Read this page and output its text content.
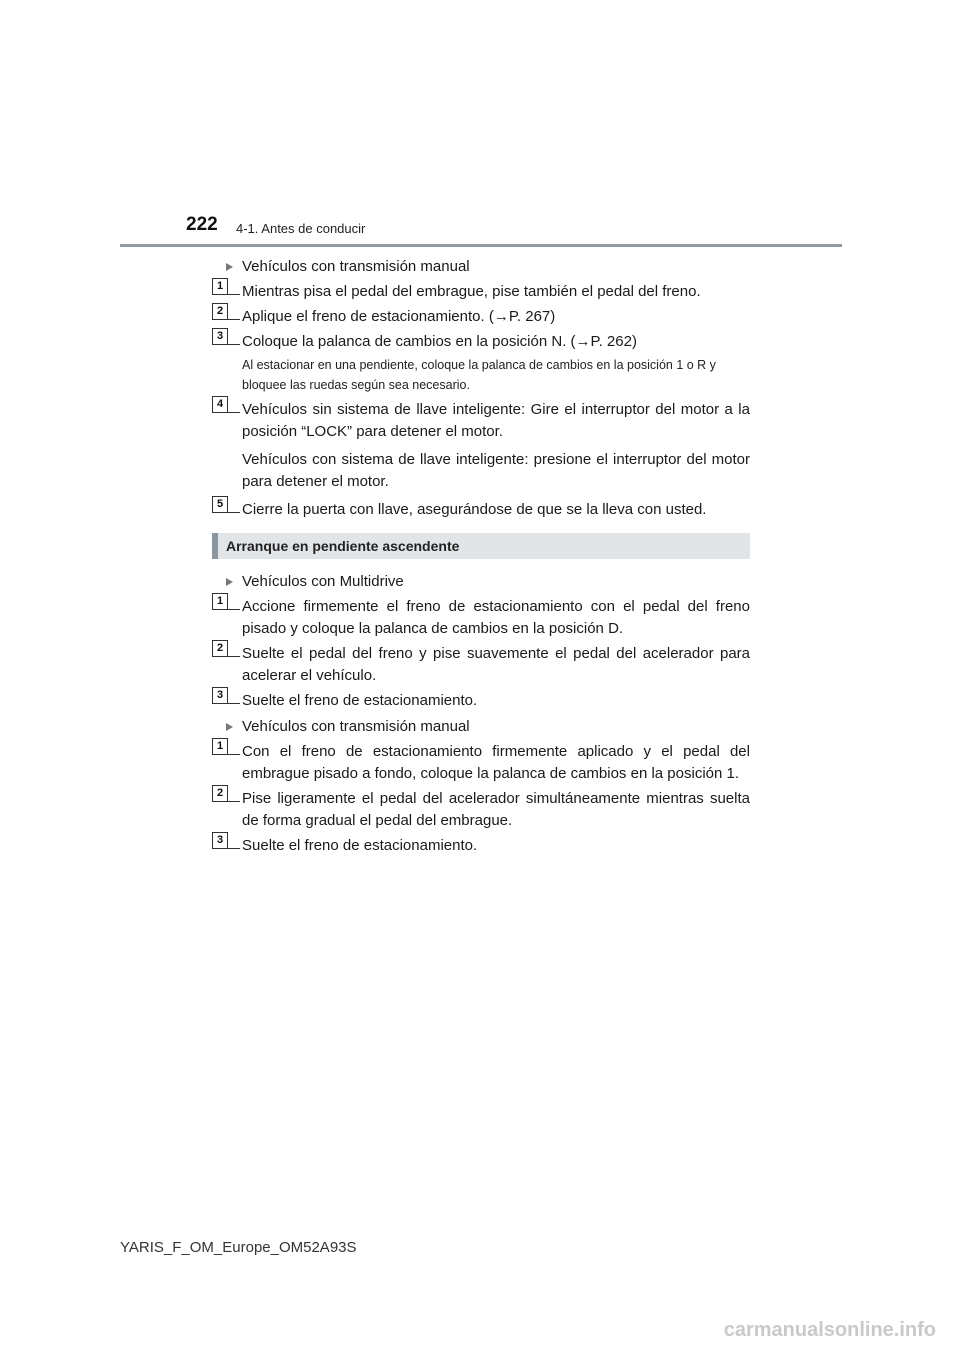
222 4-1. Antes de conducir
Vehículos con transmisión manual
1	Mientras pisa el pedal del embrague, pise también el pedal del freno.
2	Aplique el freno de estacionamiento. (→P. 267)
3	Coloque la palanca de cambios en la posición N. (→P. 262)
Al estacionar en una pendiente, coloque la palanca de cambios en la posición 1 o R y bloquee las ruedas según sea necesario.
4	Vehículos sin sistema de llave inteligente: Gire el interruptor del motor a la posición “LOCK” para detener el motor.
Vehículos con sistema de llave inteligente: presione el interruptor del motor para detener el motor.
5	Cierre la puerta con llave, asegurándose de que se la lleva con usted.
Arranque en pendiente ascendente
Vehículos con Multidrive
1	Accione firmemente el freno de estacionamiento con el pedal del freno pisado y coloque la palanca de cambios en la posición D.
2	Suelte el pedal del freno y pise suavemente el pedal del acelerador para acelerar el vehículo.
3	Suelte el freno de estacionamiento.
Vehículos con transmisión manual
1	Con el freno de estacionamiento firmemente aplicado y el pedal del embrague pisado a fondo, coloque la palanca de cambios en la posición 1.
2	Pise ligeramente el pedal del acelerador simultáneamente mientras suelta de forma gradual el pedal del embrague.
3	Suelte el freno de estacionamiento.
YARIS_F_OM_Europe_OM52A93S
carmanualsonline.info
